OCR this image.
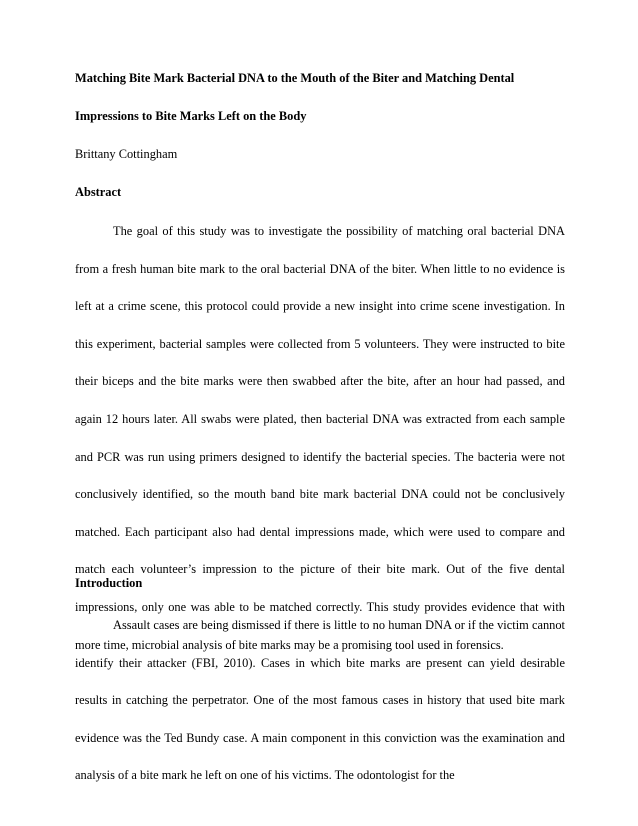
Matching Bite Mark Bacterial DNA to the Mouth of the Biter and Matching Dental
Impressions to Bite Marks Left on the Body
Brittany Cottingham
Abstract

The goal of this study was to investigate the possibility of matching oral bacterial DNA from a fresh human bite mark to the oral bacterial DNA of the biter. When little to no evidence is left at a crime scene, this protocol could provide a new insight into crime scene investigation. In this experiment, bacterial samples were collected from 5 volunteers. They were instructed to bite their biceps and the bite marks were then swabbed after the bite, after an hour had passed, and again 12 hours later. All swabs were plated, then bacterial DNA was extracted from each sample and PCR was run using primers designed to identify the bacterial species. The bacteria were not conclusively identified, so the mouth band bite mark bacterial DNA could not be conclusively matched. Each participant also had dental impressions made, which were used to compare and match each volunteer’s impression to the picture of their bite mark. Out of the five dental impressions, only one was able to be matched correctly. This study provides evidence that with more time, microbial analysis of bite marks may be a promising tool used in forensics.

Introduction

Assault cases are being dismissed if there is little to no human DNA or if the victim cannot identify their attacker (FBI, 2010). Cases in which bite marks are present can yield desirable results in catching the perpetrator. One of the most famous cases in history that used bite mark evidence was the Ted Bundy case. A main component in this conviction was the examination and analysis of a bite mark he left on one of his victims. The odontologist for the
